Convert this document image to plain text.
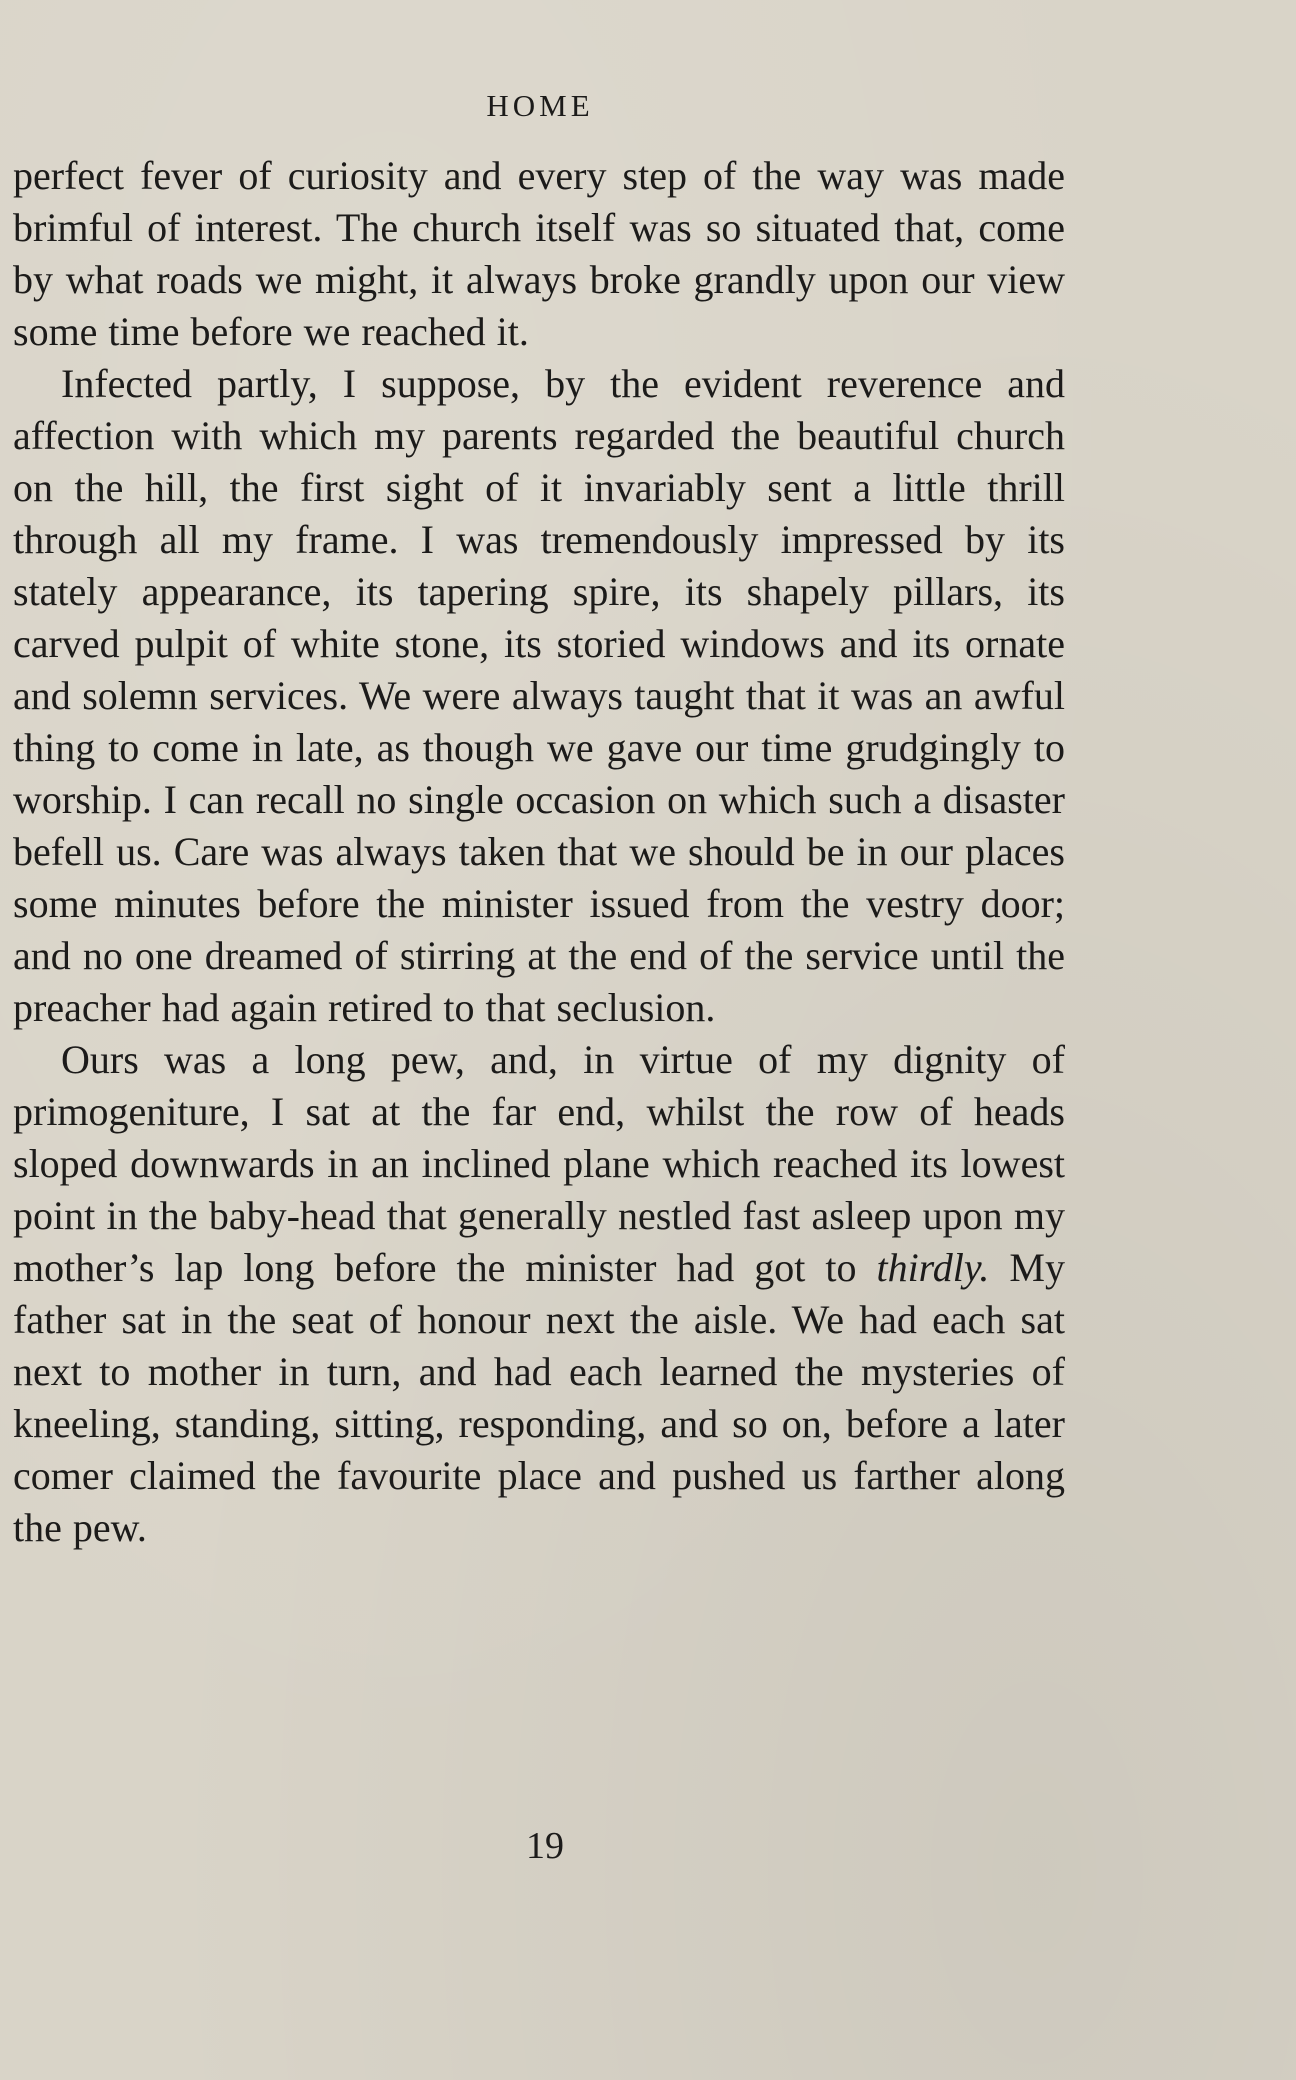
HOME

perfect fever of curiosity and every step of the way was made brimful of interest. The church itself was so situated that, come by what roads we might, it always broke grandly upon our view some time before we reached it.

Infected partly, I suppose, by the evident reverence and affection with which my parents regarded the beautiful church on the hill, the first sight of it invariably sent a little thrill through all my frame. I was tremendously impressed by its stately appearance, its tapering spire, its shapely pillars, its carved pulpit of white stone, its storied windows and its ornate and solemn services. We were always taught that it was an awful thing to come in late, as though we gave our time grudgingly to worship. I can recall no single occasion on which such a disaster befell us. Care was always taken that we should be in our places some minutes before the minister issued from the vestry door; and no one dreamed of stirring at the end of the service until the preacher had again retired to that seclusion.

Ours was a long pew, and, in virtue of my dignity of primogeniture, I sat at the far end, whilst the row of heads sloped downwards in an inclined plane which reached its lowest point in the baby-head that generally nestled fast asleep upon my mother’s lap long before the minister had got to thirdly. My father sat in the seat of honour next the aisle. We had each sat next to mother in turn, and had each learned the mysteries of kneeling, standing, sitting, responding, and so on, before a later comer claimed the favourite place and pushed us farther along the pew.

19
